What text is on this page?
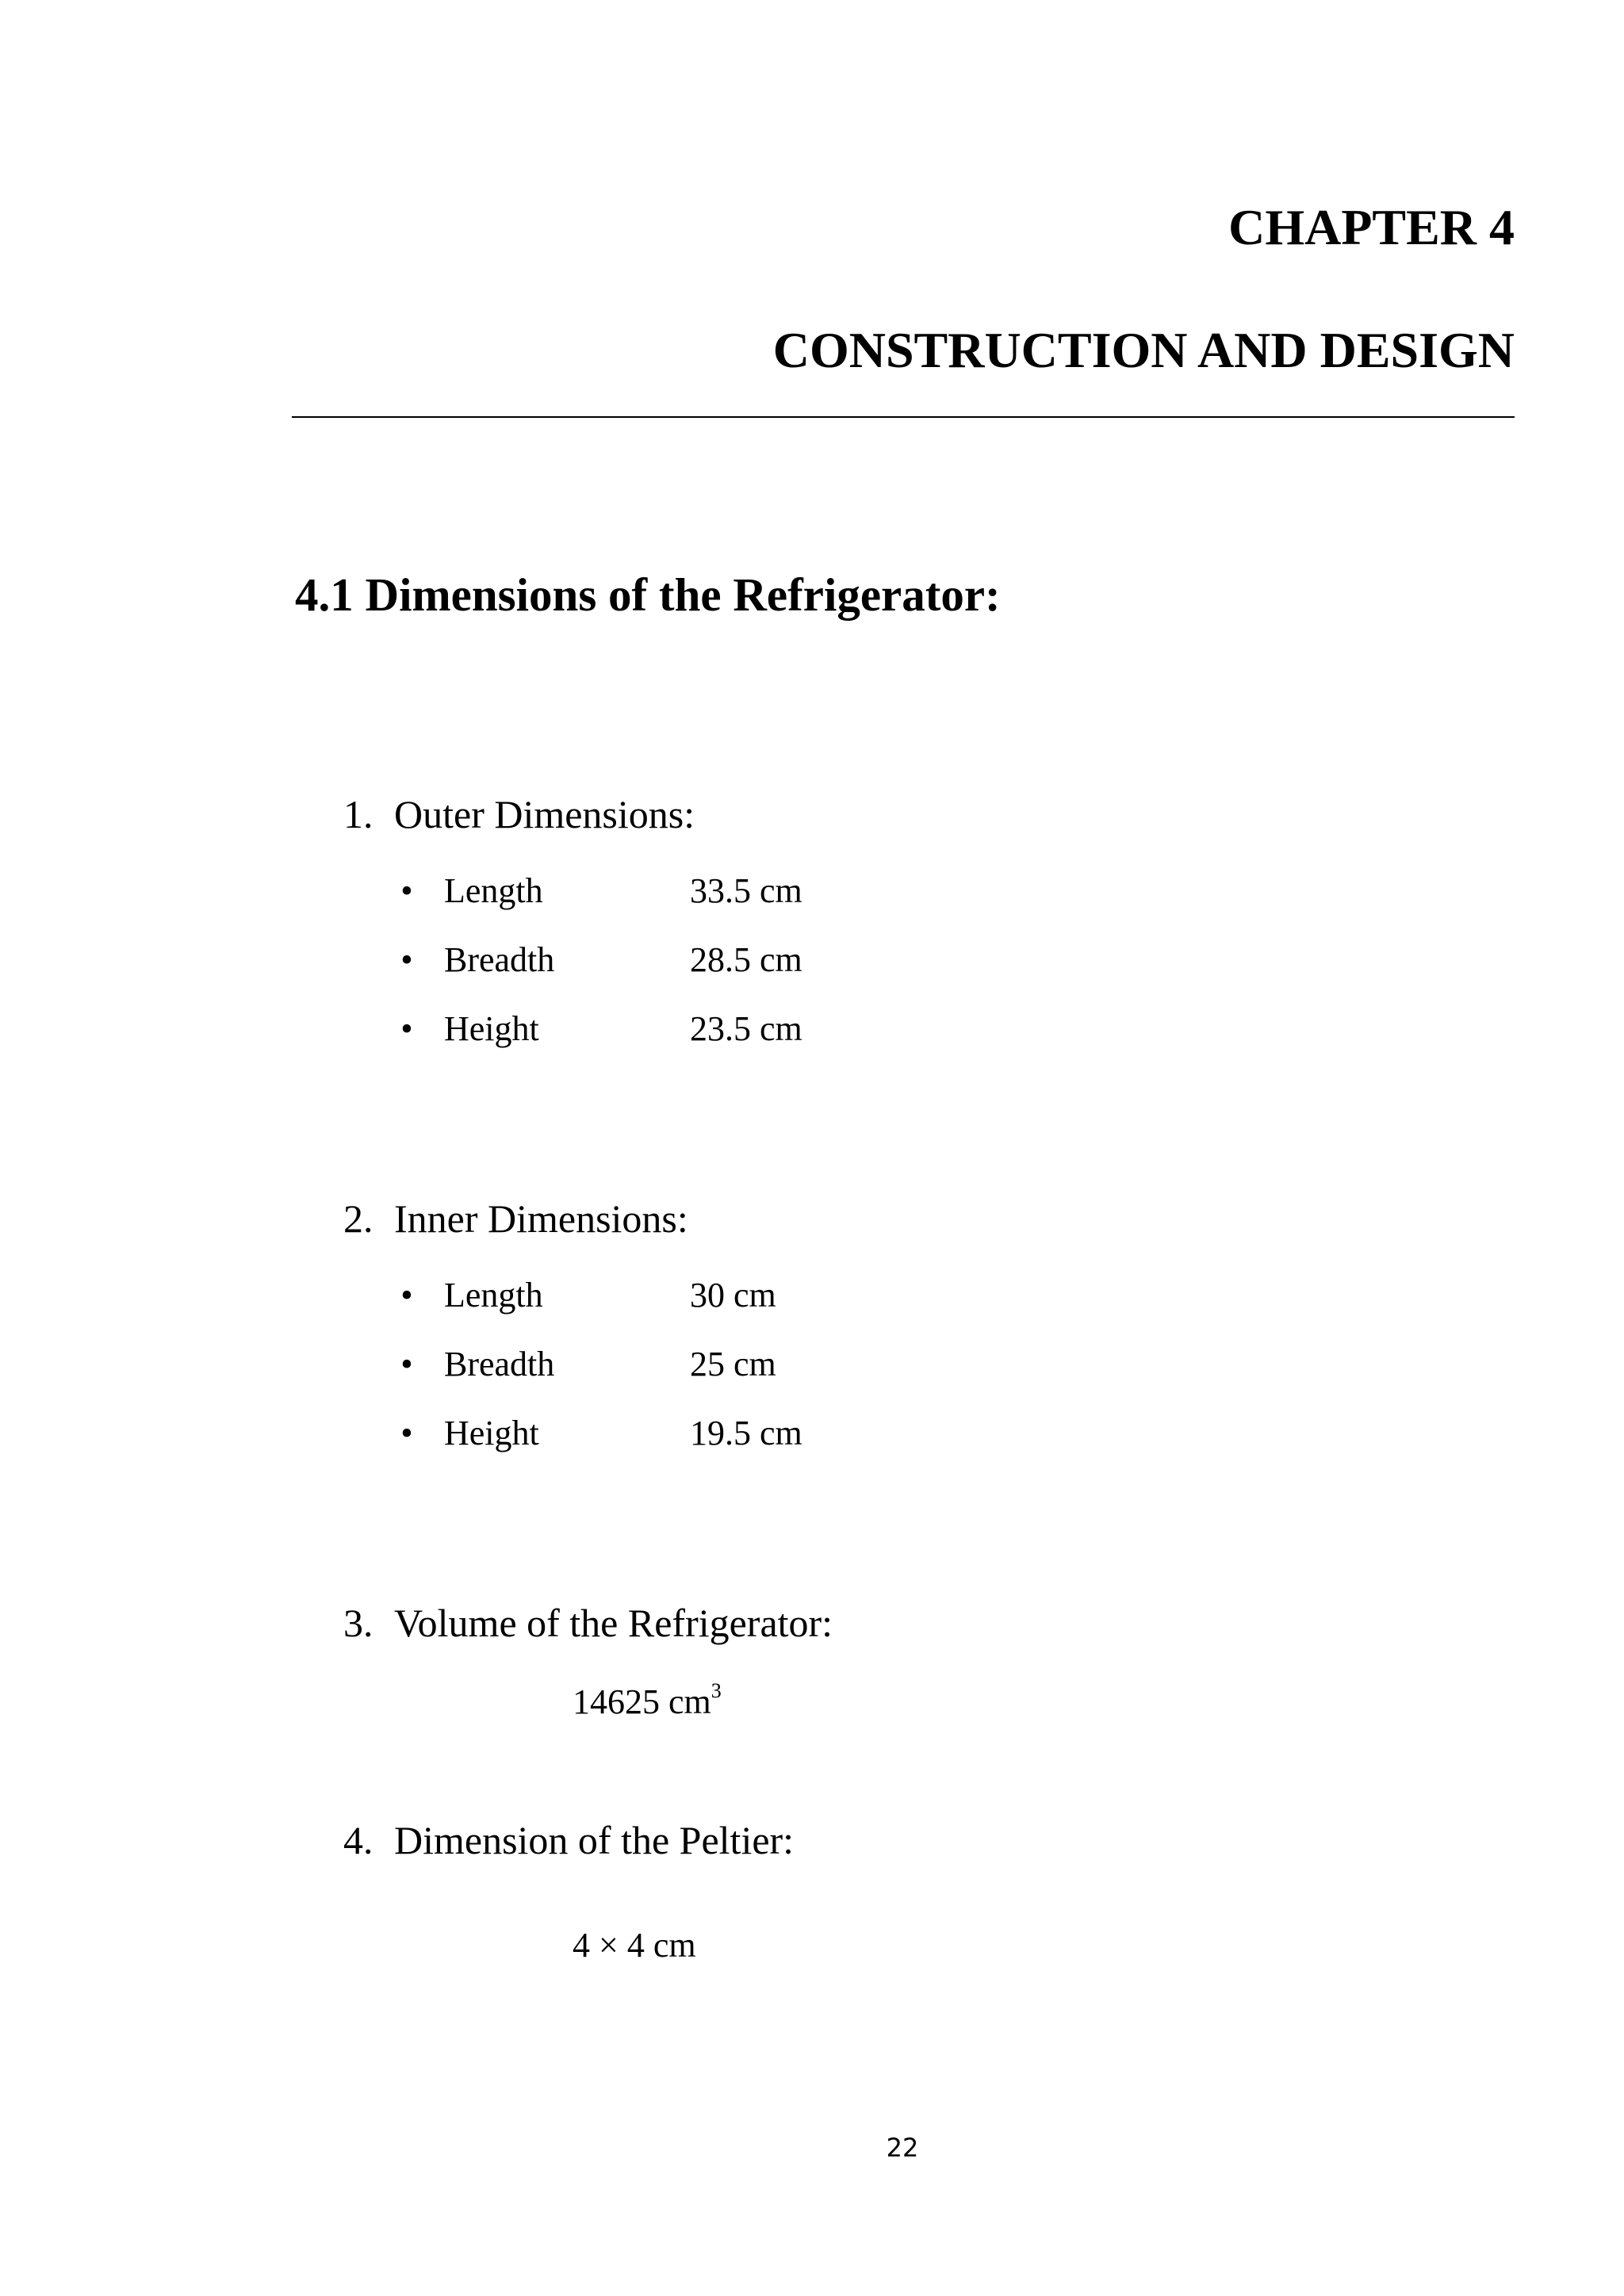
CHAPTER 4
CONSTRUCTION AND DESIGN
4.1 Dimensions of the Refrigerator:
1. Outer Dimensions:
• Length	33.5 cm
• Breadth	28.5 cm
• Height	23.5 cm
2. Inner Dimensions:
• Length	30 cm
• Breadth	25 cm
• Height	19.5 cm
3. Volume of the Refrigerator:
14625 $cm^3$
4. Dimension of the Peltier:
4 × 4 cm
22
